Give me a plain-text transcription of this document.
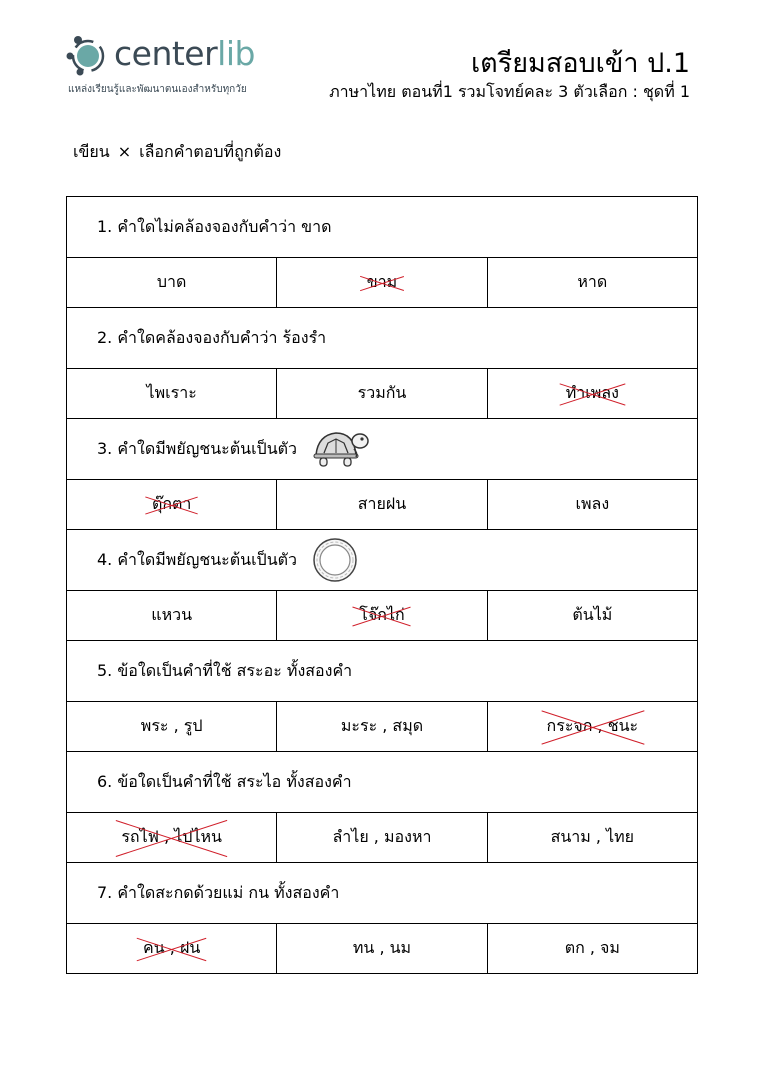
centerlib
แหล่งเรียนรู้และพัฒนาตนเองสำหรับทุกวัย
เตรียมสอบเข้า ป.1
ภาษาไทย ตอนที่1 รวมโจทย์คละ 3 ตัวเลือก : ชุดที่ 1
เขียน × เลือกคำตอบที่ถูกต้อง
1. คำใดไม่คล้องจองกับคำว่า ขาด		
บาด	ขาม	หาด
2. คำใดคล้องจองกับคำว่า ร้องรำ		
ไพเราะ	รวมกัน	ทำเพลง
3. คำใดมีพยัญชนะต้นเป็นตัว		
ตุ๊กตา	สายฝน	เพลง
4. คำใดมีพยัญชนะต้นเป็นตัว		
แหวน	โจ๊กไก่	ต้นไม้
5. ข้อใดเป็นคำที่ใช้ สระอะ ทั้งสองคำ		
พระ , รูป	มะระ , สมุด	กระจก , ชนะ
6. ข้อใดเป็นคำที่ใช้ สระไอ ทั้งสองคำ		
รถไฟ , ไปไหน	ลำไย , มองหา	สนาม , ไทย
7. คำใดสะกดด้วยแม่ กน ทั้งสองคำ		
คน , ฝน	ทน , นม	ตก , จม
